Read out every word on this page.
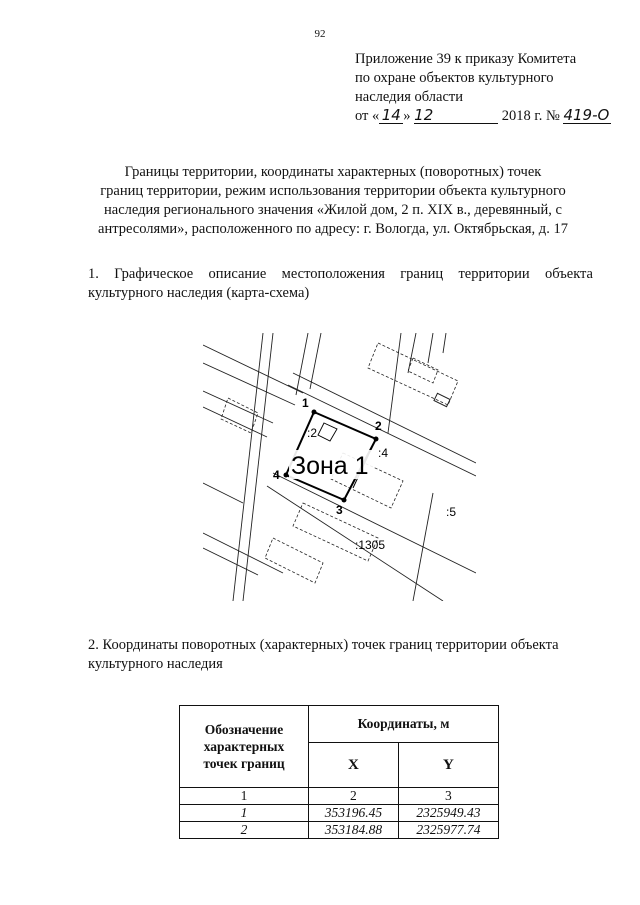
92
Приложение 39 к приказу Комитета
по охране объектов культурного
наследия области
от « 14 » 12	2018 г. № 419-О
Границы территории, координаты характерных (поворотных) точек
границ территории, режим использования территории объекта культурного
наследия регионального значения «Жилой дом, 2 п. XIX в., деревянный, с
антресолями», расположенного по адресу: г. Вологда, ул. Октябрьская, д. 17
1. Графическое описание местоположения границ территории объекта
культурного наследия (карта-схема)
1
2
3
4
:2
:4
:5
:1305
Зона 1
2. Координаты поворотных (характерных) точек границ территории объекта
культурного наследия
Обозначение
характерных
точек границ	Координаты, м	
	X	Y
1	2	3
1	353196.45	2325949.43
2	353184.88	2325977.74
